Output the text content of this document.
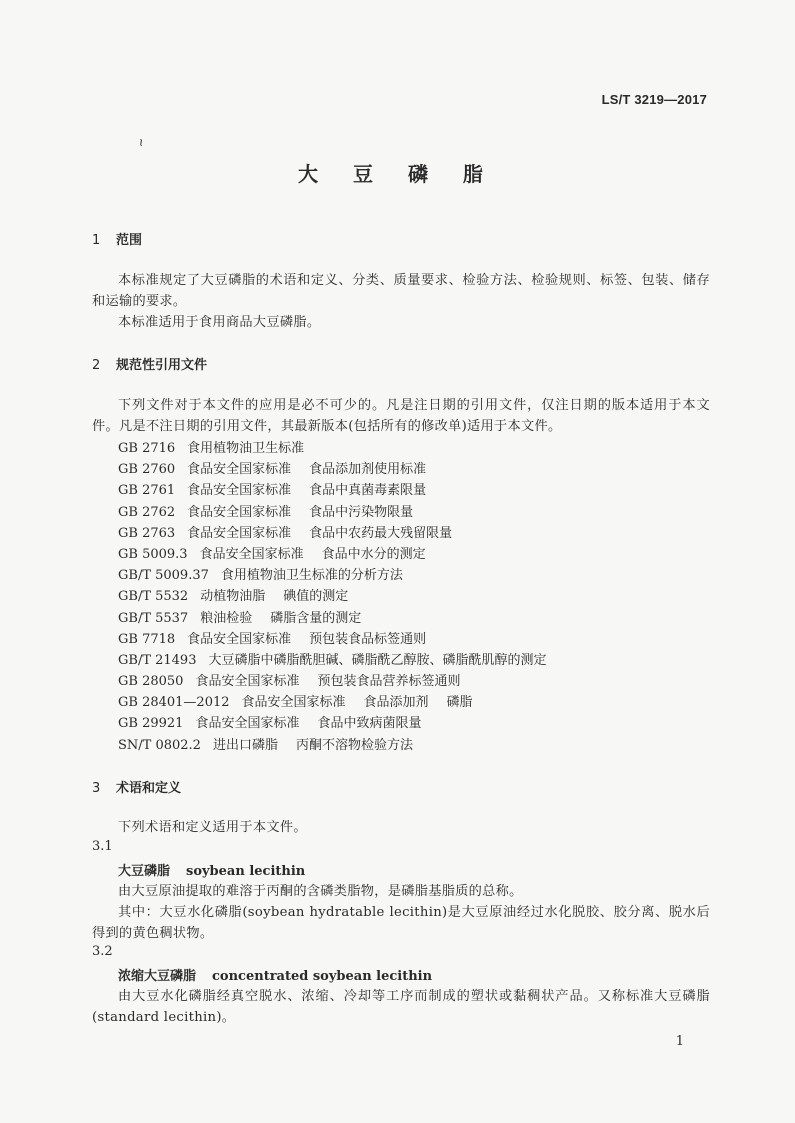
LS/T 3219—2017
ɩ
大 豆 磷 脂
1 范围
本标准规定了大豆磷脂的术语和定义、分类、质量要求、检验方法、检验规则、标签、包装、储存和运输的要求。
本标准适用于食用商品大豆磷脂。
2 规范性引用文件
下列文件对于本文件的应用是必不可少的。凡是注日期的引用文件，仅注日期的版本适用于本文件。凡是不注日期的引用文件，其最新版本(包括所有的修改单)适用于本文件。
GB 2716 食用植物油卫生标准
GB 2760 食品安全国家标准 食品添加剂使用标准
GB 2761 食品安全国家标准 食品中真菌毒素限量
GB 2762 食品安全国家标准 食品中污染物限量
GB 2763 食品安全国家标准 食品中农药最大残留限量
GB 5009.3 食品安全国家标准 食品中水分的测定
GB/T 5009.37 食用植物油卫生标准的分析方法
GB/T 5532 动植物油脂 碘值的测定
GB/T 5537 粮油检验 磷脂含量的测定
GB 7718 食品安全国家标准 预包装食品标签通则
GB/T 21493 大豆磷脂中磷脂酰胆碱、磷脂酰乙醇胺、磷脂酰肌醇的测定
GB 28050 食品安全国家标准 预包装食品营养标签通则
GB 28401—2012 食品安全国家标准 食品添加剂 磷脂
GB 29921 食品安全国家标准 食品中致病菌限量
SN/T 0802.2 进出口磷脂 丙酮不溶物检验方法
3 术语和定义
下列术语和定义适用于本文件。
3.1
大豆磷脂 soybean lecithin
由大豆原油提取的难溶于丙酮的含磷类脂物，是磷脂基脂质的总称。
其中：大豆水化磷脂(soybean hydratable lecithin)是大豆原油经过水化脱胶、胶分离、脱水后得到的黄色稠状物。
3.2
浓缩大豆磷脂 concentrated soybean lecithin
由大豆水化磷脂经真空脱水、浓缩、冷却等工序而制成的塑状或黏稠状产品。又称标准大豆磷脂(standard lecithin)。
1
